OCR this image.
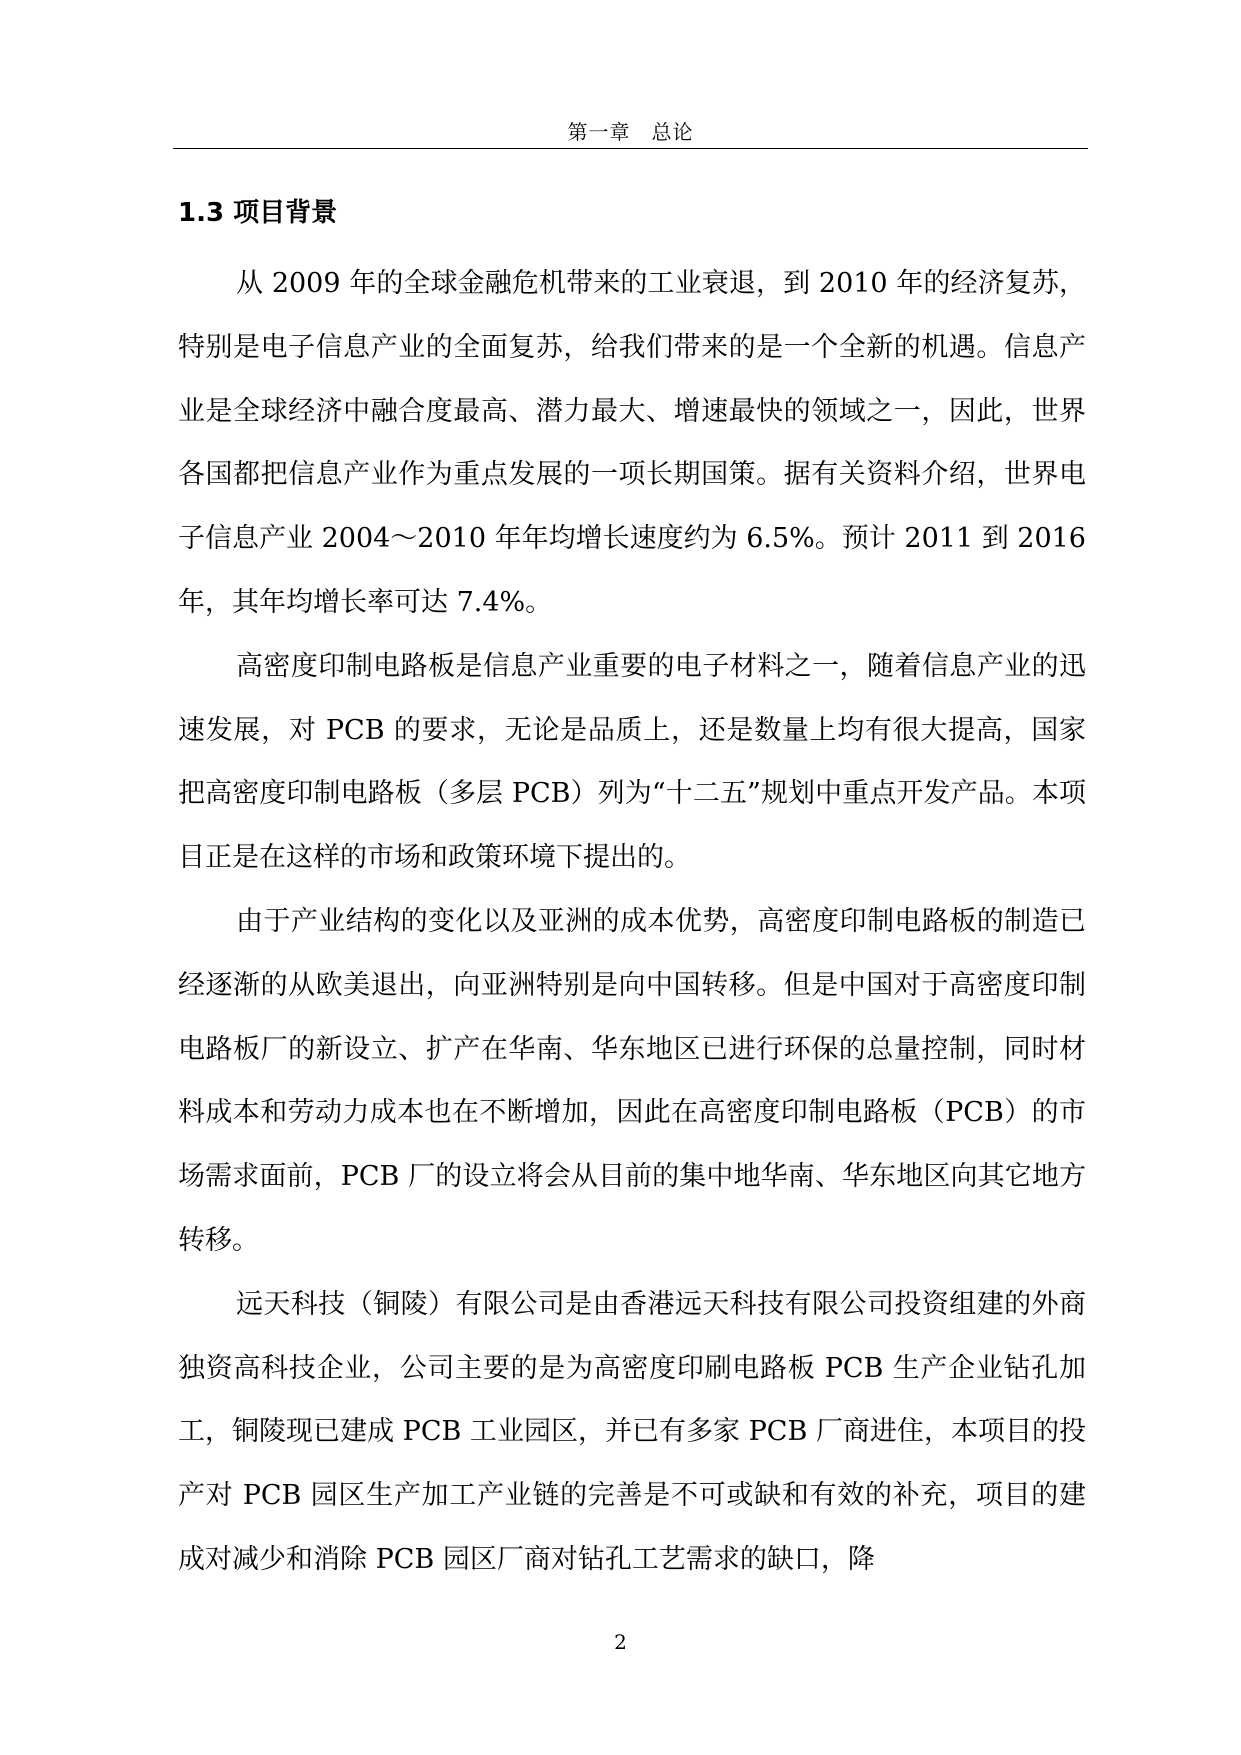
第一章　总论
1.3 项目背景

从 2009 年的全球金融危机带来的工业衰退，到 2010 年的经济复苏，特别是电子信息产业的全面复苏，给我们带来的是一个全新的机遇。信息产业是全球经济中融合度最高、潜力最大、增速最快的领域之一，因此，世界各国都把信息产业作为重点发展的一项长期国策。据有关资料介绍，世界电子信息产业 2004～2010 年年均增长速度约为 6.5%。预计 2011 到 2016 年，其年均增长率可达 7.4%。

高密度印制电路板是信息产业重要的电子材料之一，随着信息产业的迅速发展，对 PCB 的要求，无论是品质上，还是数量上均有很大提高，国家把高密度印制电路板（多层 PCB）列为“十二五”规划中重点开发产品。本项目正是在这样的市场和政策环境下提出的。

由于产业结构的变化以及亚洲的成本优势，高密度印制电路板的制造已经逐渐的从欧美退出，向亚洲特别是向中国转移。但是中国对于高密度印制电路板厂的新设立、扩产在华南、华东地区已进行环保的总量控制，同时材料成本和劳动力成本也在不断增加，因此在高密度印制电路板（PCB）的市场需求面前，PCB 厂的设立将会从目前的集中地华南、华东地区向其它地方转移。

远天科技（铜陵）有限公司是由香港远天科技有限公司投资组建的外商独资高科技企业，公司主要的是为高密度印刷电路板 PCB 生产企业钻孔加工，铜陵现已建成 PCB 工业园区，并已有多家 PCB 厂商进住，本项目的投产对 PCB 园区生产加工产业链的完善是不可或缺和有效的补充，项目的建成对减少和消除 PCB 园区厂商对钻孔工艺需求的缺口，降

2
